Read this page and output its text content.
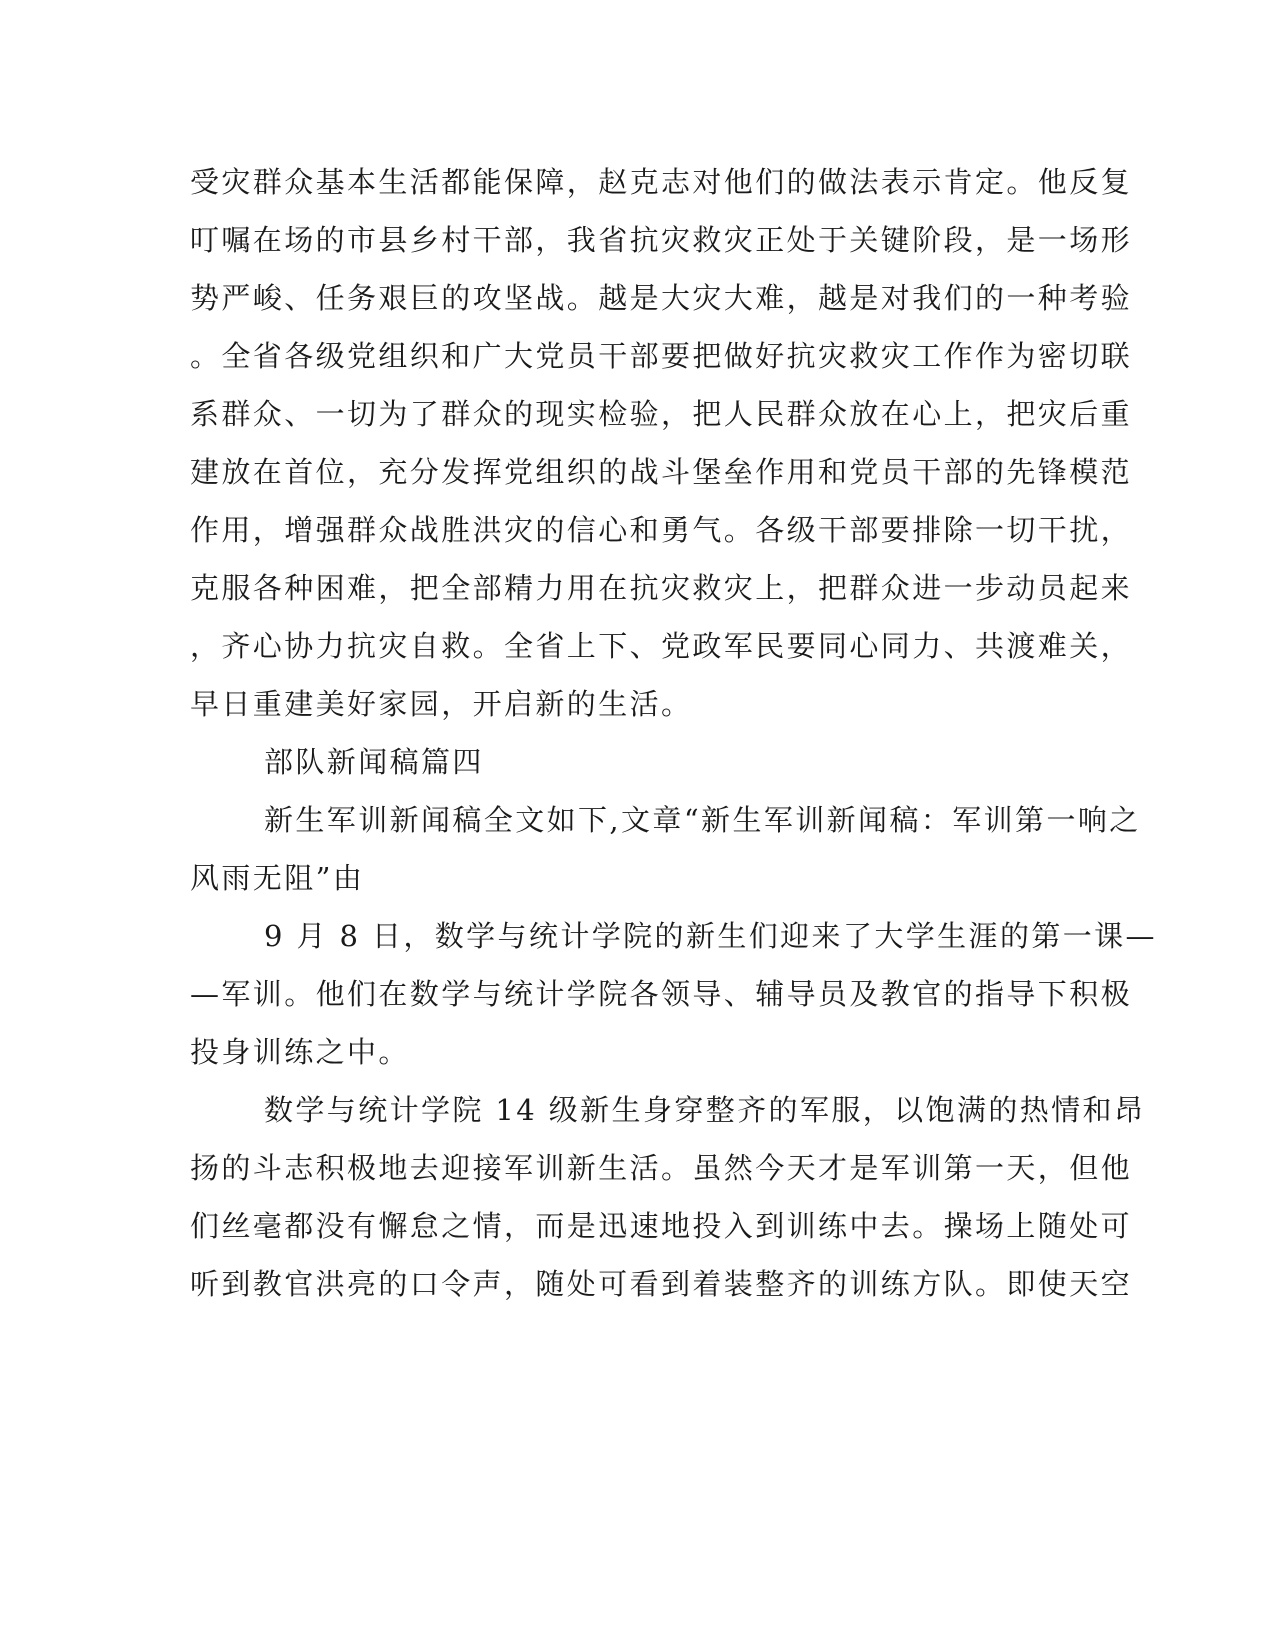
受灾群众基本生活都能保障，赵克志对他们的做法表示肯定。他反复
叮嘱在场的市县乡村干部，我省抗灾救灾正处于关键阶段，是一场形
势严峻、任务艰巨的攻坚战。越是大灾大难，越是对我们的一种考验
。全省各级党组织和广大党员干部要把做好抗灾救灾工作作为密切联
系群众、一切为了群众的现实检验，把人民群众放在心上，把灾后重
建放在首位，充分发挥党组织的战斗堡垒作用和党员干部的先锋模范
作用，增强群众战胜洪灾的信心和勇气。各级干部要排除一切干扰，
克服各种困难，把全部精力用在抗灾救灾上，把群众进一步动员起来
，齐心协力抗灾自救。全省上下、党政军民要同心同力、共渡难关，
早日重建美好家园，开启新的生活。
部队新闻稿篇四
新生军训新闻稿全文如下,文章“新生军训新闻稿：军训第一响之
风雨无阻”由
9 月 8 日，数学与统计学院的新生们迎来了大学生涯的第一课—
—军训。他们在数学与统计学院各领导、辅导员及教官的指导下积极
投身训练之中。
数学与统计学院 14 级新生身穿整齐的军服，以饱满的热情和昂
扬的斗志积极地去迎接军训新生活。虽然今天才是军训第一天，但他
们丝毫都没有懈怠之情，而是迅速地投入到训练中去。操场上随处可
听到教官洪亮的口令声，随处可看到着装整齐的训练方队。即使天空
